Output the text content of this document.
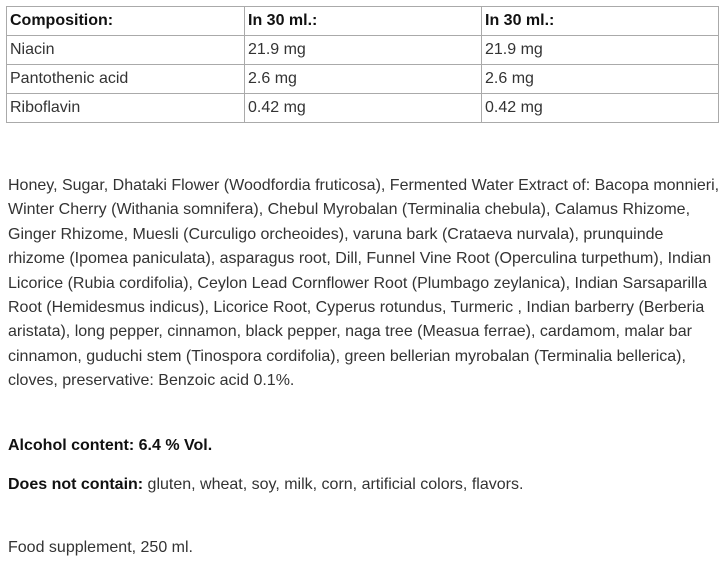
Composition:	In 30 ml.:	In 30 ml.:
Niacin	21.9 mg	21.9 mg
Pantothenic acid	2.6 mg	2.6 mg
Riboflavin	0.42 mg	0.42 mg

Honey, Sugar, Dhataki Flower (Woodfordia fruticosa), Fermented Water Extract of: Bacopa monnieri, Winter Cherry (Withania somnifera), Chebul Myrobalan (Terminalia chebula), Calamus Rhizome, Ginger Rhizome, Muesli (Curculigo orcheoides), varuna bark (Crataeva nurvala), prunquinde rhizome (Ipomea paniculata), asparagus root, Dill, Funnel Vine Root (Operculina turpethum), Indian Licorice (Rubia cordifolia), Ceylon Lead Cornflower Root (Plumbago zeylanica), Indian Sarsaparilla Root (Hemidesmus indicus), Licorice Root, Cyperus rotundus, Turmeric , Indian barberry (Berberia aristata), long pepper, cinnamon, black pepper, naga tree (Measua ferrae), cardamom, malar bar cinnamon, guduchi stem (Tinospora cordifolia), green bellerian myrobalan (Terminalia bellerica), cloves, preservative: Benzoic acid 0.1%.

Alcohol content: 6.4 % Vol.

Does not contain: gluten, wheat, soy, milk, corn, artificial colors, flavors.

Food supplement, 250 ml.
